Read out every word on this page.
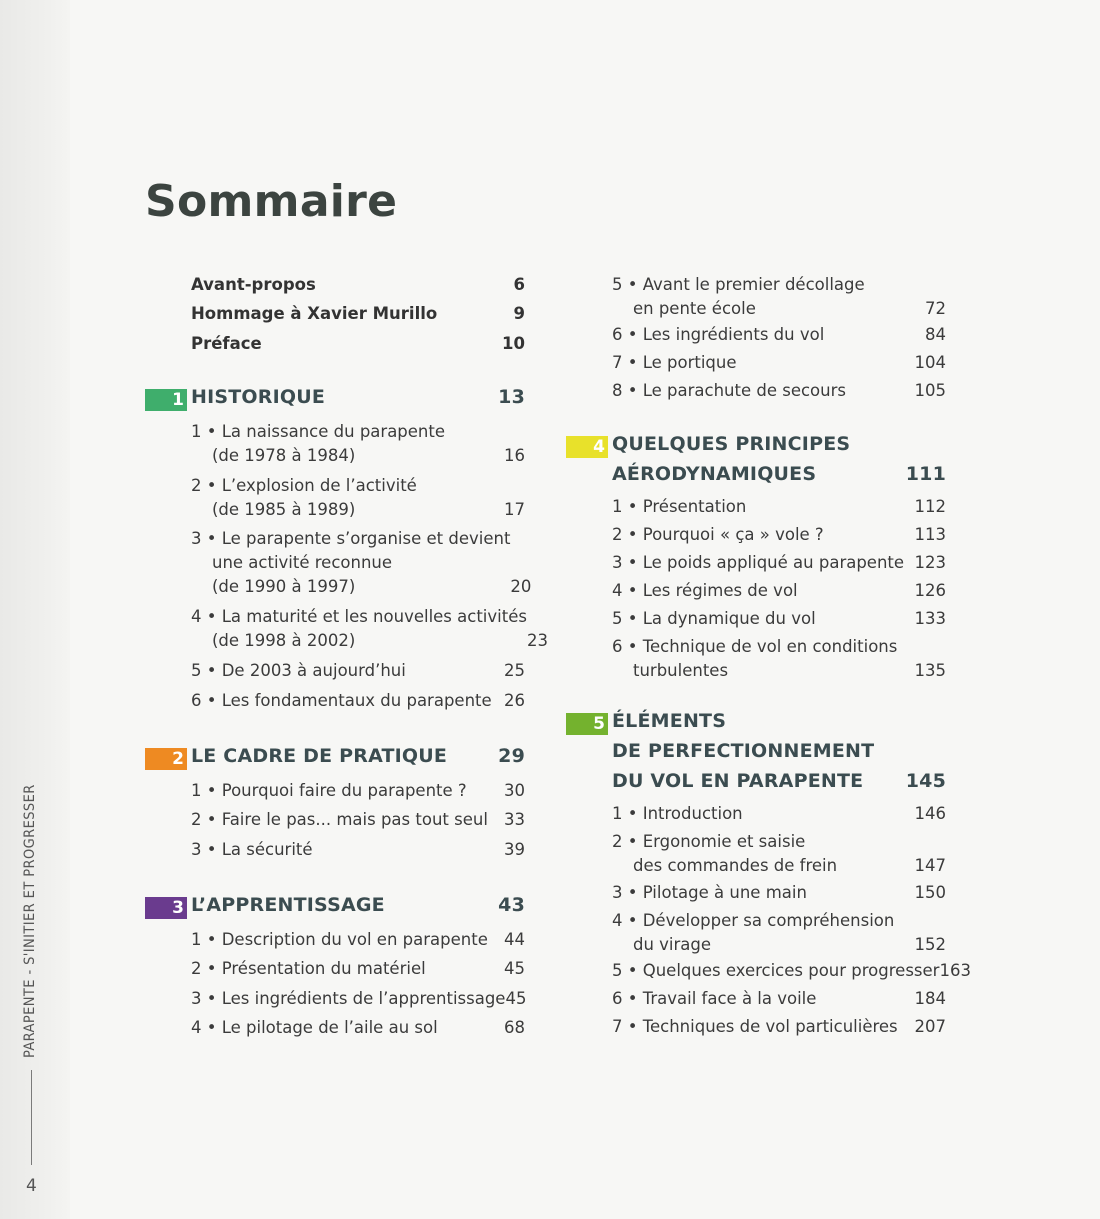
PARAPENTE - S'INITIER ET PROGRESSER
4
Sommaire
Avant-propos	6
Hommage à Xavier Murillo	9
Préface	10
1 HISTORIQUE	13
1 • La naissance du parapente
(de 1978 à 1984)	16
2 • L’explosion de l’activité
(de 1985 à 1989)	17
3 • Le parapente s’organise et devient
une activité reconnue
(de 1990 à 1997)	20
4 • La maturité et les nouvelles activités
(de 1998 à 2002)	23
5 • De 2003 à aujourd’hui	25
6 • Les fondamentaux du parapente 26
2 LE CADRE DE PRATIQUE	29
1 • Pourquoi faire du parapente ? 30
2 • Faire le pas... mais pas tout seul 33
3 • La sécurité	39
3 L’APPRENTISSAGE	43
1 • Description du vol en parapente 44
2 • Présentation du matériel	45
3 • Les ingrédients de l’apprentissage 45
4 • Le pilotage de l’aile au sol	68
5 • Avant le premier décollage
en pente école	72
6 • Les ingrédients du vol	84
7 • Le portique	104
8 • Le parachute de secours	105
4 QUELQUES PRINCIPES
AÉRODYNAMIQUES	111
1 • Présentation	112
2 • Pourquoi « ça » vole ?	113
3 • Le poids appliqué au parapente 123
4 • Les régimes de vol	126
5 • La dynamique du vol	133
6 • Technique de vol en conditions
turbulentes	135
5 ÉLÉMENTS
DE PERFECTIONNEMENT
DU VOL EN PARAPENTE 145
1 • Introduction	146
2 • Ergonomie et saisie
des commandes de frein	147
3 • Pilotage à une main	150
4 • Développer sa compréhension
du virage	152
5 • Quelques exercices pour progresser 163
6 • Travail face à la voile	184
7 • Techniques de vol particulières 207
